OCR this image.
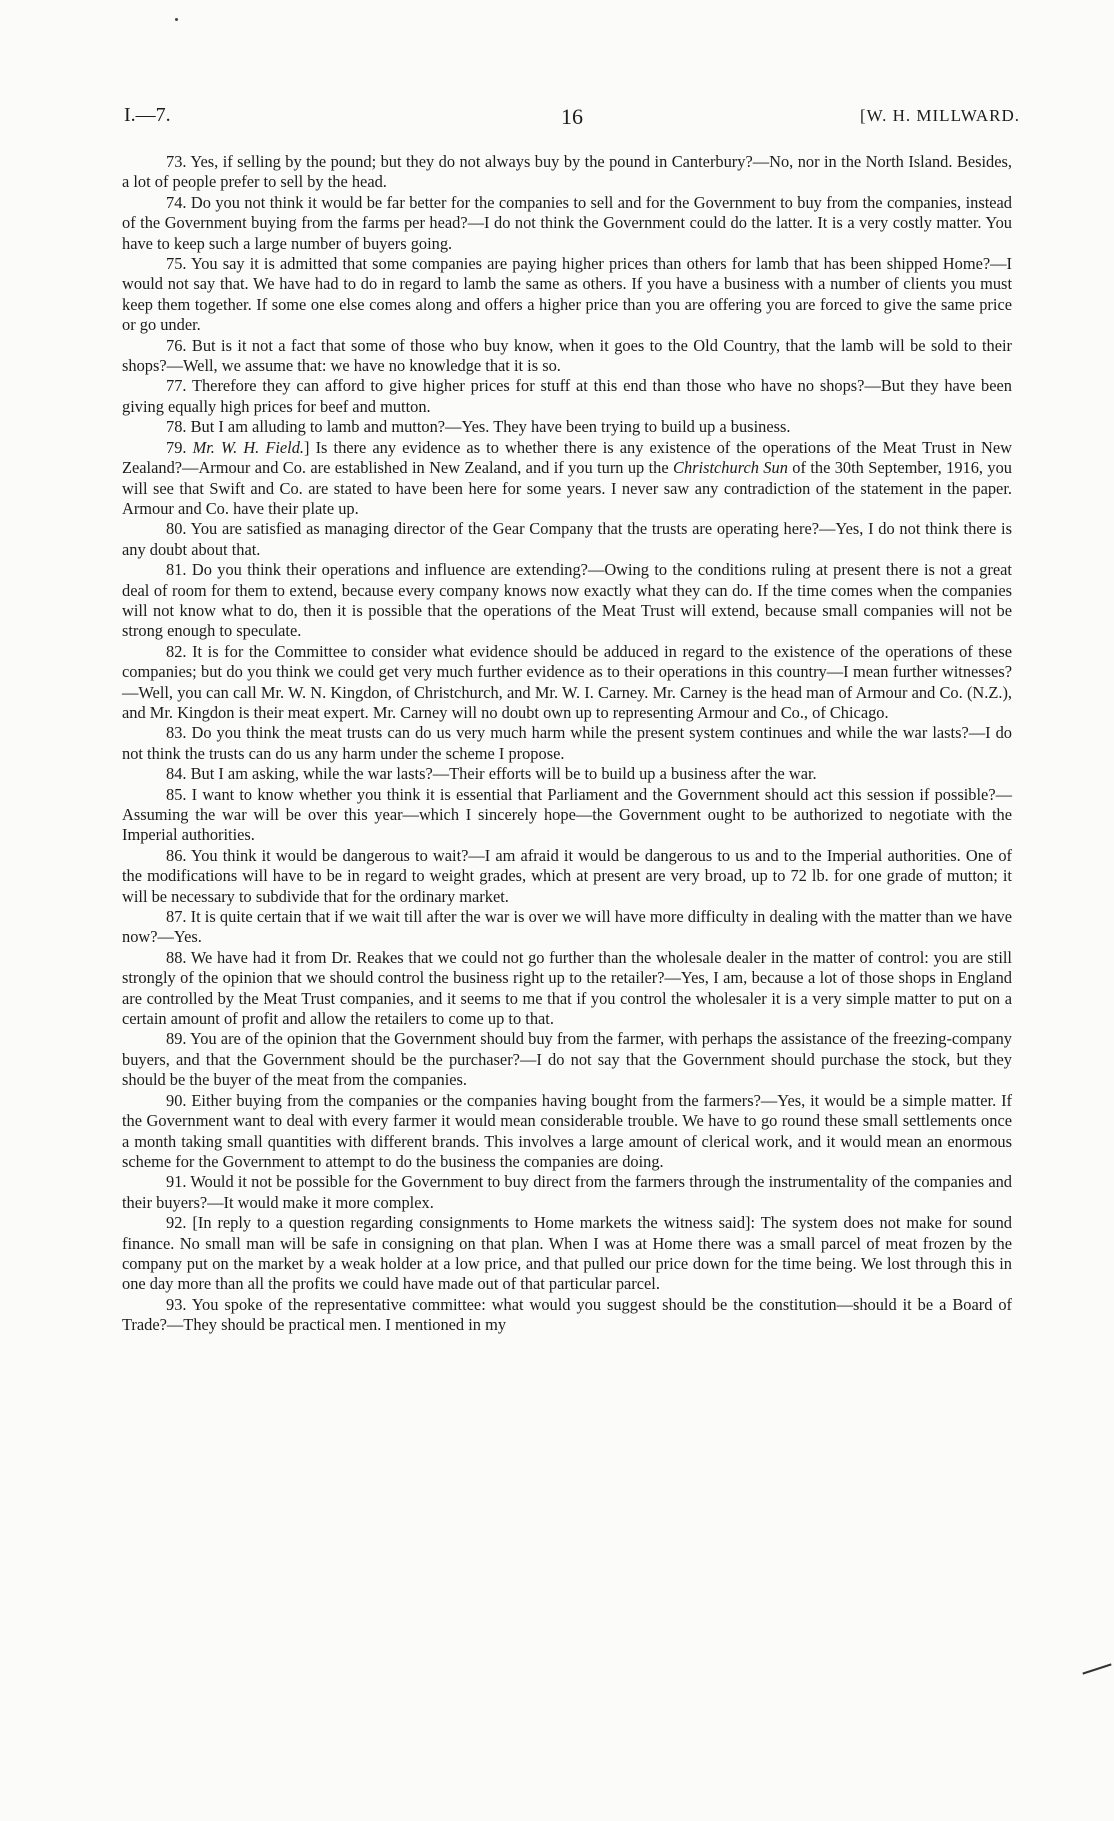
I.—7.	16	[W. H. MILLWARD.

73. Yes, if selling by the pound; but they do not always buy by the pound in Canterbury?—No, nor in the North Island. Besides, a lot of people prefer to sell by the head.

74. Do you not think it would be far better for the companies to sell and for the Government to buy from the companies, instead of the Government buying from the farms per head?—I do not think the Government could do the latter. It is a very costly matter. You have to keep such a large number of buyers going.

75. You say it is admitted that some companies are paying higher prices than others for lamb that has been shipped Home?—I would not say that. We have had to do in regard to lamb the same as others. If you have a business with a number of clients you must keep them together. If some one else comes along and offers a higher price than you are offering you are forced to give the same price or go under.

76. But is it not a fact that some of those who buy know, when it goes to the Old Country, that the lamb will be sold to their shops?—Well, we assume that: we have no knowledge that it is so.

77. Therefore they can afford to give higher prices for stuff at this end than those who have no shops?—But they have been giving equally high prices for beef and mutton.

78. But I am alluding to lamb and mutton?—Yes. They have been trying to build up a business.

79. Mr. W. H. Field.] Is there any evidence as to whether there is any existence of the operations of the Meat Trust in New Zealand?—Armour and Co. are established in New Zealand, and if you turn up the Christchurch Sun of the 30th September, 1916, you will see that Swift and Co. are stated to have been here for some years. I never saw any contradiction of the statement in the paper. Armour and Co. have their plate up.

80. You are satisfied as managing director of the Gear Company that the trusts are operating here?—Yes, I do not think there is any doubt about that.

81. Do you think their operations and influence are extending?—Owing to the conditions ruling at present there is not a great deal of room for them to extend, because every company knows now exactly what they can do. If the time comes when the companies will not know what to do, then it is possible that the operations of the Meat Trust will extend, because small companies will not be strong enough to speculate.

82. It is for the Committee to consider what evidence should be adduced in regard to the existence of the operations of these companies; but do you think we could get very much further evidence as to their operations in this country—I mean further witnesses?—Well, you can call Mr. W. N. Kingdon, of Christchurch, and Mr. W. I. Carney. Mr. Carney is the head man of Armour and Co. (N.Z.), and Mr. Kingdon is their meat expert. Mr. Carney will no doubt own up to representing Armour and Co., of Chicago.

83. Do you think the meat trusts can do us very much harm while the present system continues and while the war lasts?—I do not think the trusts can do us any harm under the scheme I propose.

84. But I am asking, while the war lasts?—Their efforts will be to build up a business after the war.

85. I want to know whether you think it is essential that Parliament and the Government should act this session if possible?—Assuming the war will be over this year—which I sincerely hope—the Government ought to be authorized to negotiate with the Imperial authorities.

86. You think it would be dangerous to wait?—I am afraid it would be dangerous to us and to the Imperial authorities. One of the modifications will have to be in regard to weight grades, which at present are very broad, up to 72 lb. for one grade of mutton; it will be necessary to subdivide that for the ordinary market.

87. It is quite certain that if we wait till after the war is over we will have more difficulty in dealing with the matter than we have now?—Yes.

88. We have had it from Dr. Reakes that we could not go further than the wholesale dealer in the matter of control: you are still strongly of the opinion that we should control the business right up to the retailer?—Yes, I am, because a lot of those shops in England are controlled by the Meat Trust companies, and it seems to me that if you control the wholesaler it is a very simple matter to put on a certain amount of profit and allow the retailers to come up to that.

89. You are of the opinion that the Government should buy from the farmer, with perhaps the assistance of the freezing-company buyers, and that the Government should be the purchaser?—I do not say that the Government should purchase the stock, but they should be the buyer of the meat from the companies.

90. Either buying from the companies or the companies having bought from the farmers?—Yes, it would be a simple matter. If the Government want to deal with every farmer it would mean considerable trouble. We have to go round these small settlements once a month taking small quantities with different brands. This involves a large amount of clerical work, and it would mean an enormous scheme for the Government to attempt to do the business the companies are doing.

91. Would it not be possible for the Government to buy direct from the farmers through the instrumentality of the companies and their buyers?—It would make it more complex.

92. [In reply to a question regarding consignments to Home markets the witness said]: The system does not make for sound finance. No small man will be safe in consigning on that plan. When I was at Home there was a small parcel of meat frozen by the company put on the market by a weak holder at a low price, and that pulled our price down for the time being. We lost through this in one day more than all the profits we could have made out of that particular parcel.

93. You spoke of the representative committee: what would you suggest should be the constitution—should it be a Board of Trade?—They should be practical men. I mentioned in my
